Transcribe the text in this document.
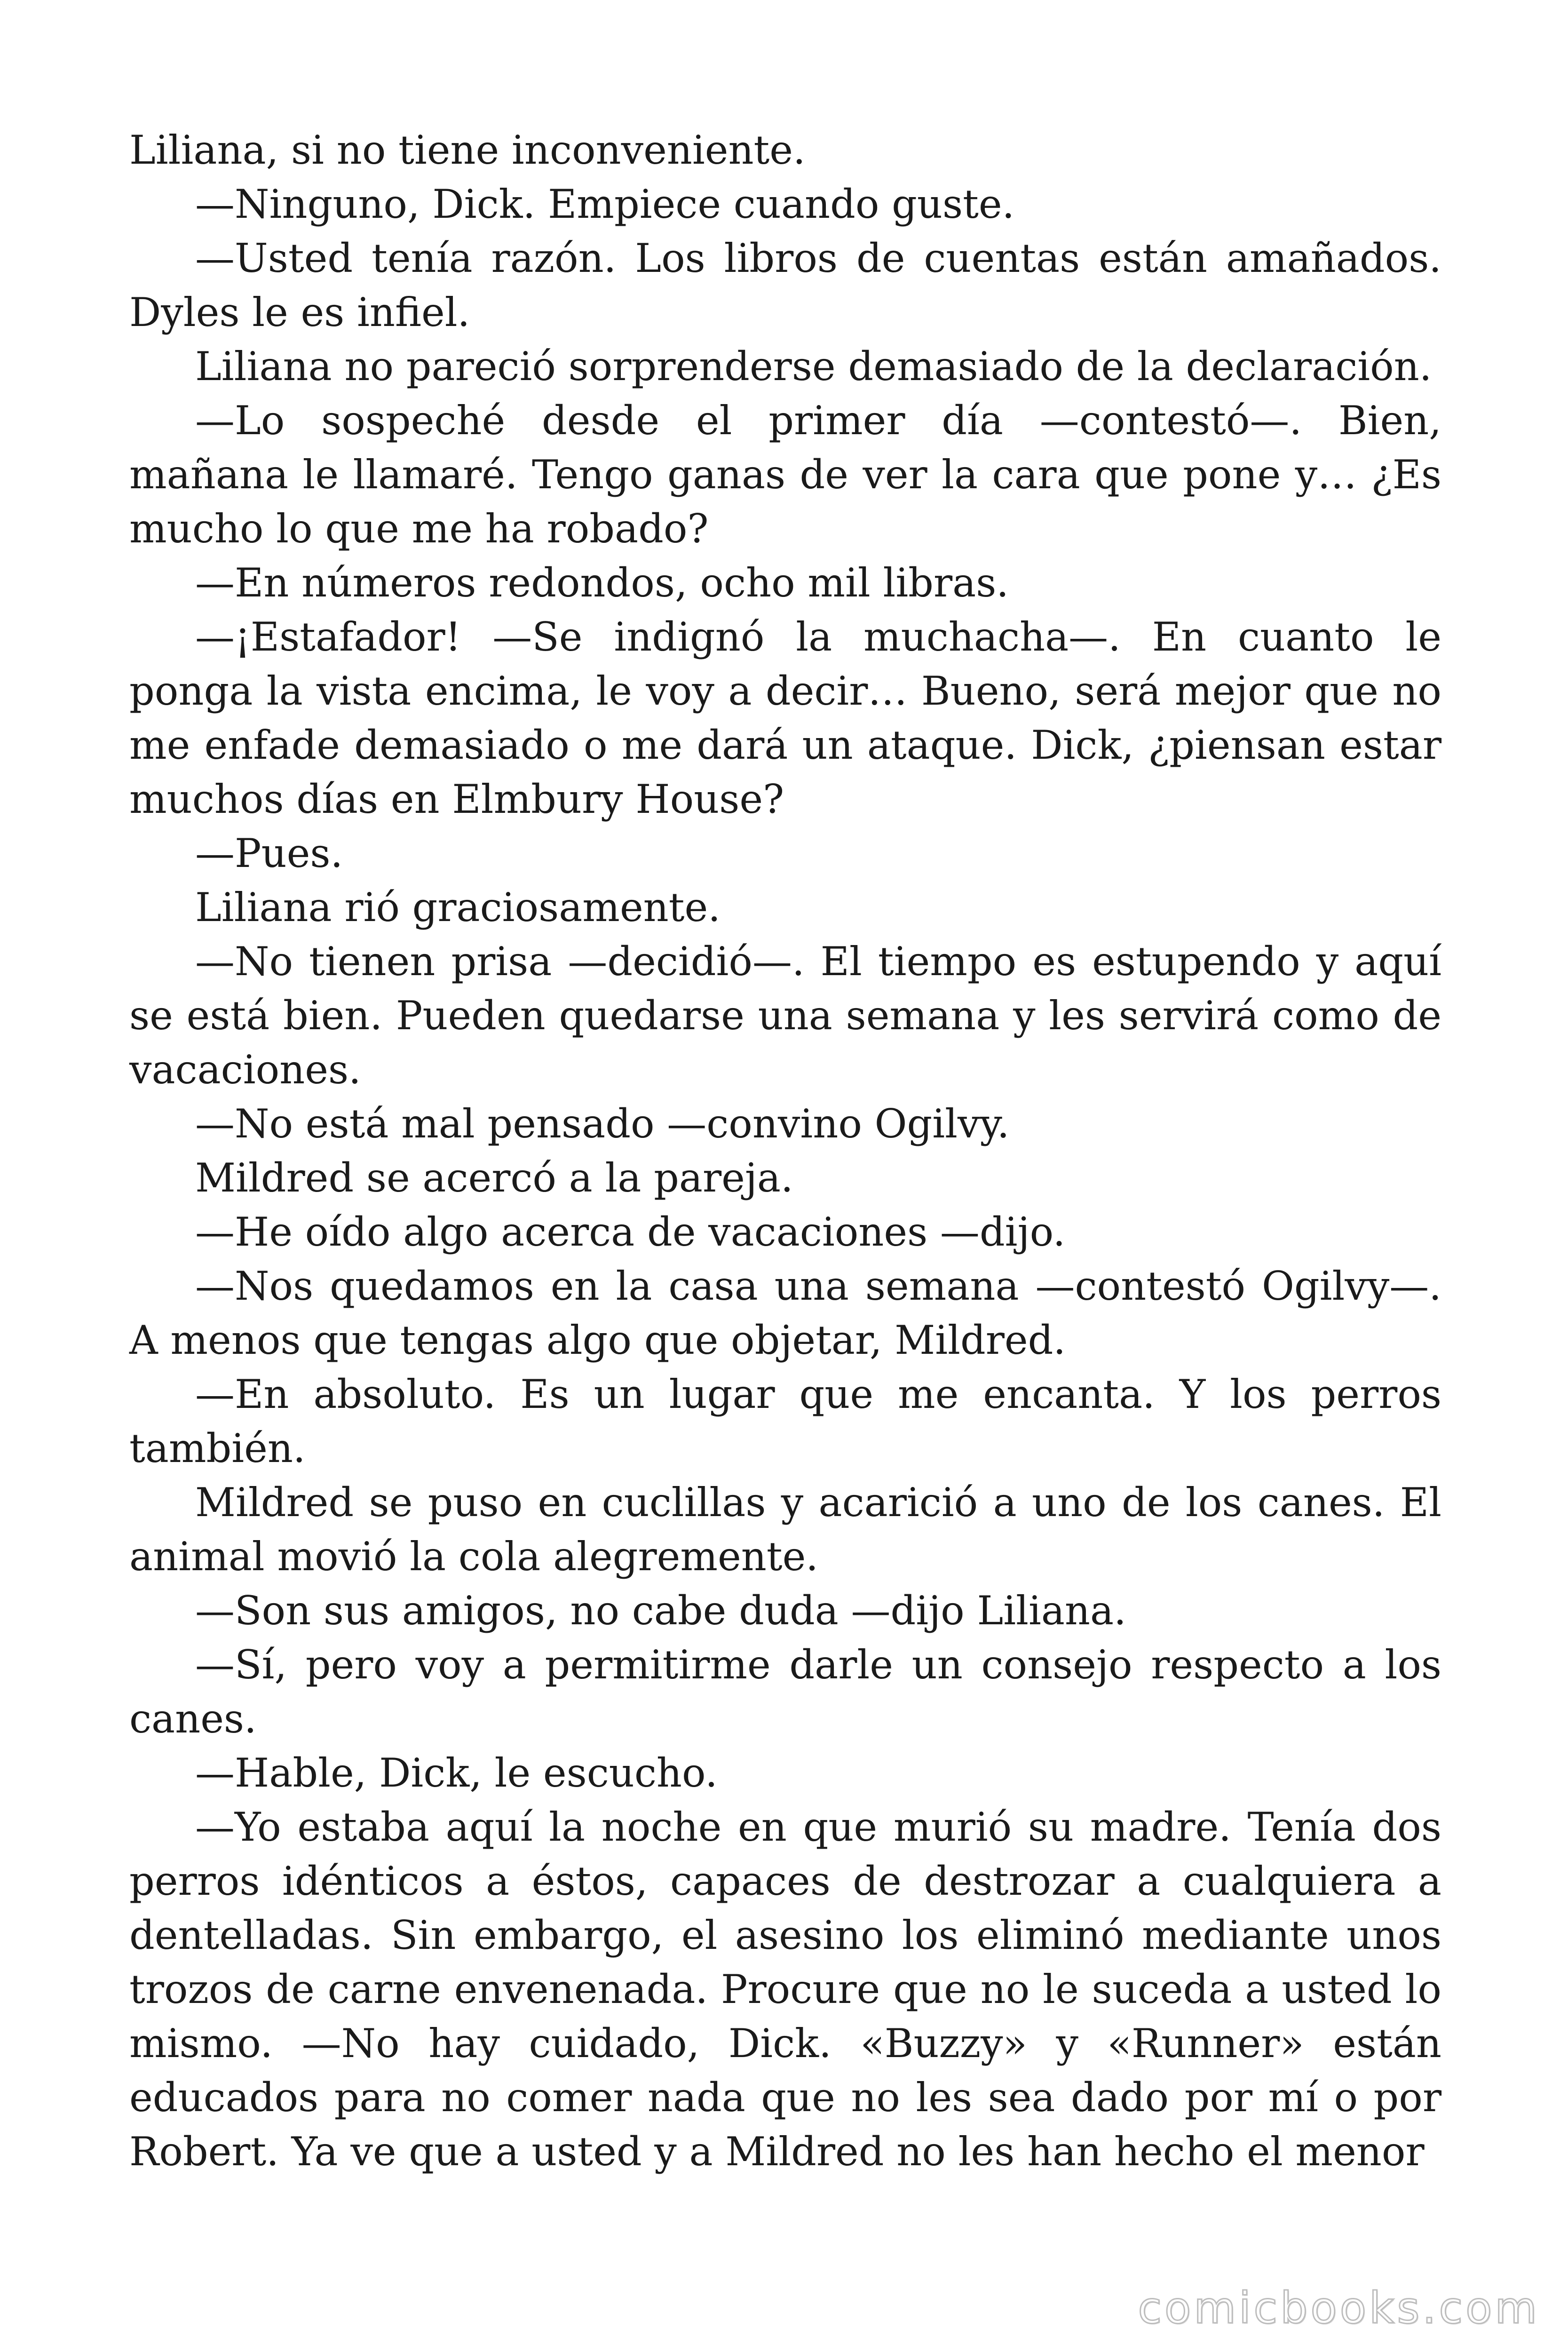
Liliana, si no tiene inconveniente.

—Ninguno, Dick. Empiece cuando guste.

—Usted tenía razón. Los libros de cuentas están amañados. Dyles le es infiel.

Liliana no pareció sorprenderse demasiado de la declaración.

—Lo sospeché desde el primer día —contestó—. Bien, mañana le llamaré. Tengo ganas de ver la cara que pone y… ¿Es mucho lo que me ha robado?

—En números redondos, ocho mil libras.

—¡Estafador! —Se indignó la muchacha—. En cuanto le ponga la vista encima, le voy a decir… Bueno, será mejor que no me enfade demasiado o me dará un ataque. Dick, ¿piensan estar muchos días en Elmbury House?

—Pues.

Liliana rió graciosamente.

—No tienen prisa —decidió—. El tiempo es estupendo y aquí se está bien. Pueden quedarse una semana y les servirá como de vacaciones.

—No está mal pensado —convino Ogilvy.

Mildred se acercó a la pareja.

—He oído algo acerca de vacaciones —dijo.

—Nos quedamos en la casa una semana —contestó Ogilvy—. A menos que tengas algo que objetar, Mildred.

—En absoluto. Es un lugar que me encanta. Y los perros también.

Mildred se puso en cuclillas y acarició a uno de los canes. El animal movió la cola alegremente.

—Son sus amigos, no cabe duda —dijo Liliana.

—Sí, pero voy a permitirme darle un consejo respecto a los canes.

—Hable, Dick, le escucho.

—Yo estaba aquí la noche en que murió su madre. Tenía dos perros idénticos a éstos, capaces de destrozar a cualquiera a dentelladas. Sin embargo, el asesino los eliminó mediante unos trozos de carne envenenada. Procure que no le suceda a usted lo mismo. —No hay cuidado, Dick. «Buzzy» y «Runner» están educados para no comer nada que no les sea dado por mí o por Robert. Ya ve que a usted y a Mildred no les han hecho el menor

comicbooks.com
